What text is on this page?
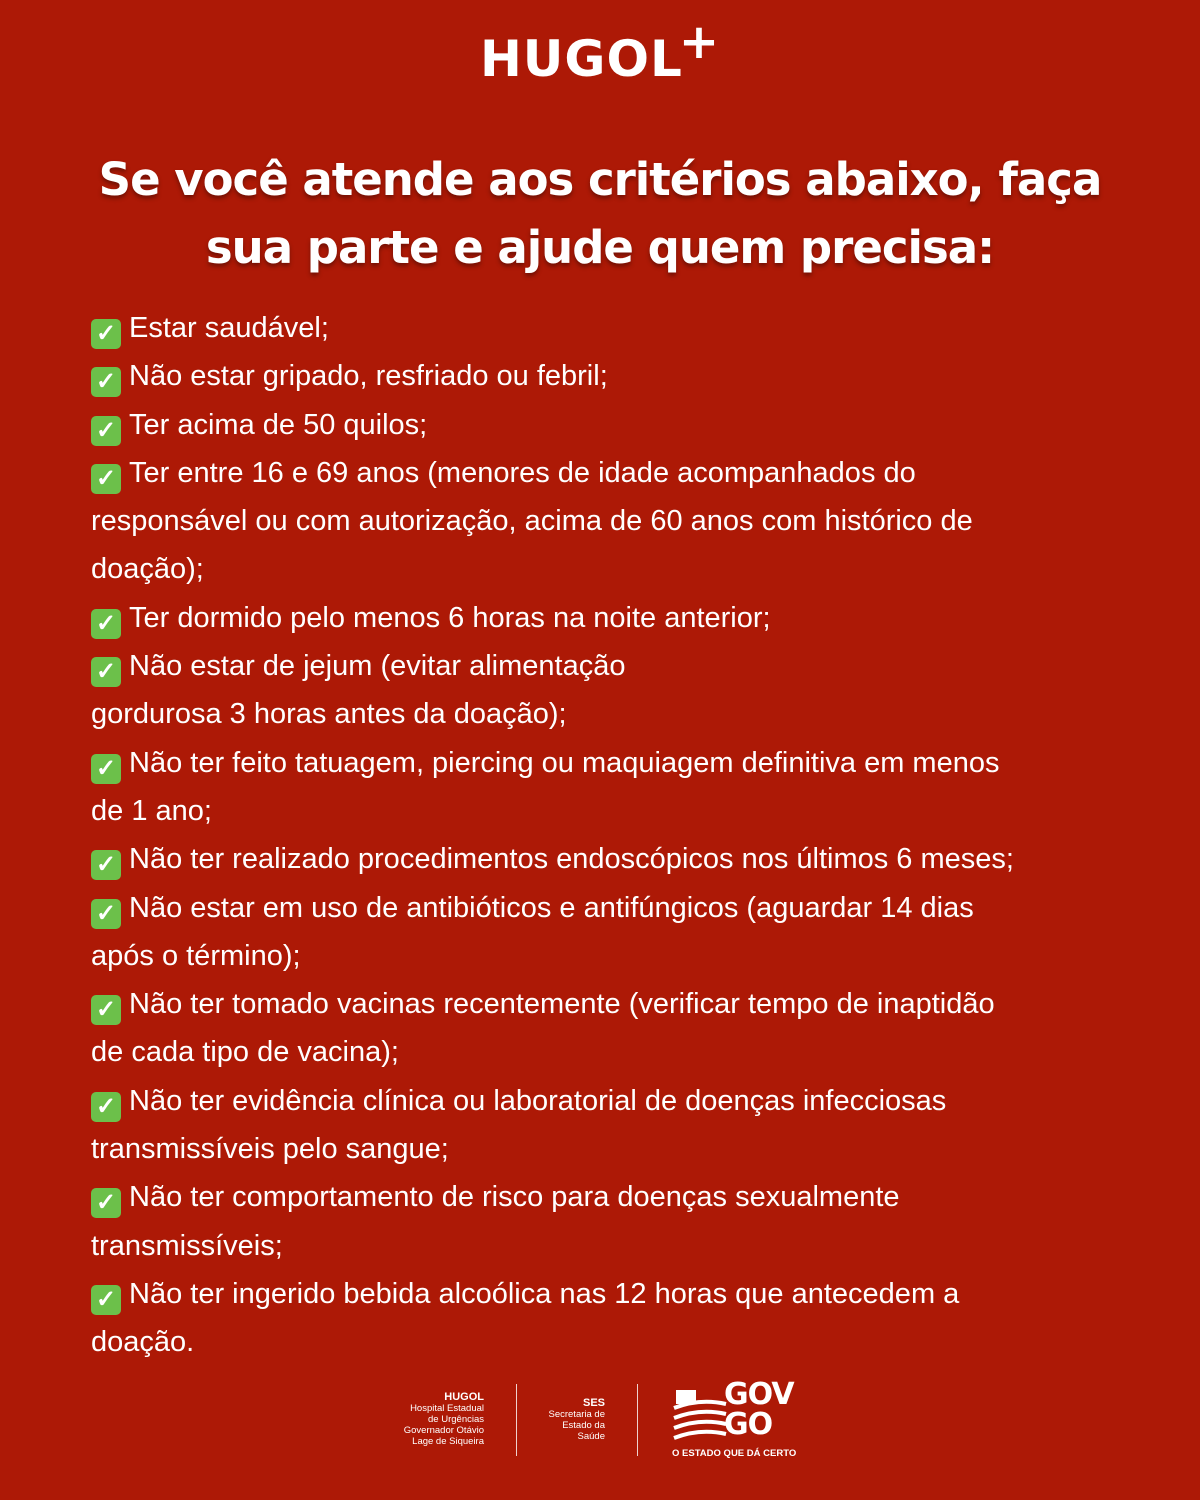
HUGOL+
Se você atende aos critérios abaixo, faça
sua parte e ajude quem precisa:
✓ Estar saudável;
✓ Não estar gripado, resfriado ou febril;
✓ Ter acima de 50 quilos;
✓ Ter entre 16 e 69 anos (menores de idade acompanhados do
responsável ou com autorização, acima de 60 anos com histórico de
doação);
✓ Ter dormido pelo menos 6 horas na noite anterior;
✓ Não estar de jejum (evitar alimentação
gordurosa 3 horas antes da doação);
✓ Não ter feito tatuagem, piercing ou maquiagem definitiva em menos
de 1 ano;
✓ Não ter realizado procedimentos endoscópicos nos últimos 6 meses;
✓ Não estar em uso de antibióticos e antifúngicos (aguardar 14 dias
após o término);
✓ Não ter tomado vacinas recentemente (verificar tempo de inaptidão
de cada tipo de vacina);
✓ Não ter evidência clínica ou laboratorial de doenças infecciosas
transmissíveis pelo sangue;
✓ Não ter comportamento de risco para doenças sexualmente
transmissíveis;
✓ Não ter ingerido bebida alcoólica nas 12 horas que antecedem a
doação.
HUGOL
Hospital Estadual
de Urgências
Governador Otávio
Lage de Siqueira
SES
Secretaria de
Estado da
Saúde
GOV
GO
O ESTADO QUE DÁ CERTO
